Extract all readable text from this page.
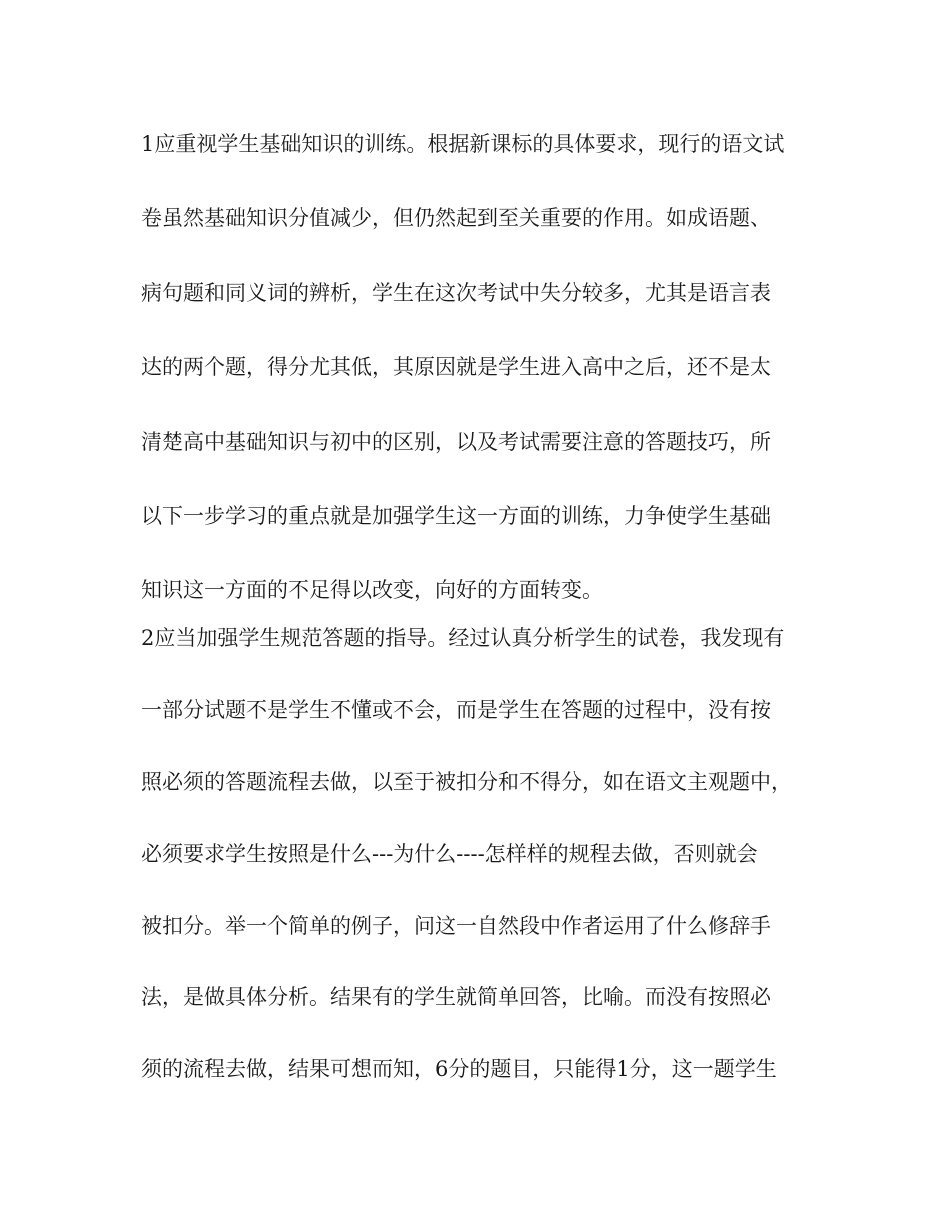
1应重视学生基础知识的训练。根据新课标的具体要求，现行的语文试

卷虽然基础知识分值减少，但仍然起到至关重要的作用。如成语题、

病句题和同义词的辨析，学生在这次考试中失分较多，尤其是语言表

达的两个题，得分尤其低，其原因就是学生进入高中之后，还不是太

清楚高中基础知识与初中的区别，以及考试需要注意的答题技巧，所

以下一步学习的重点就是加强学生这一方面的训练，力争使学生基础

知识这一方面的不足得以改变，向好的方面转变。

2应当加强学生规范答题的指导。经过认真分析学生的试卷，我发现有

一部分试题不是学生不懂或不会，而是学生在答题的过程中，没有按

照必须的答题流程去做，以至于被扣分和不得分，如在语文主观题中，

必须要求学生按照是什么---为什么----怎样样的规程去做，否则就会

被扣分。举一个简单的例子，问这一自然段中作者运用了什么修辞手

法，是做具体分析。结果有的学生就简单回答，比喻。而没有按照必

须的流程去做，结果可想而知，6分的题目，只能得1分，这一题学生
